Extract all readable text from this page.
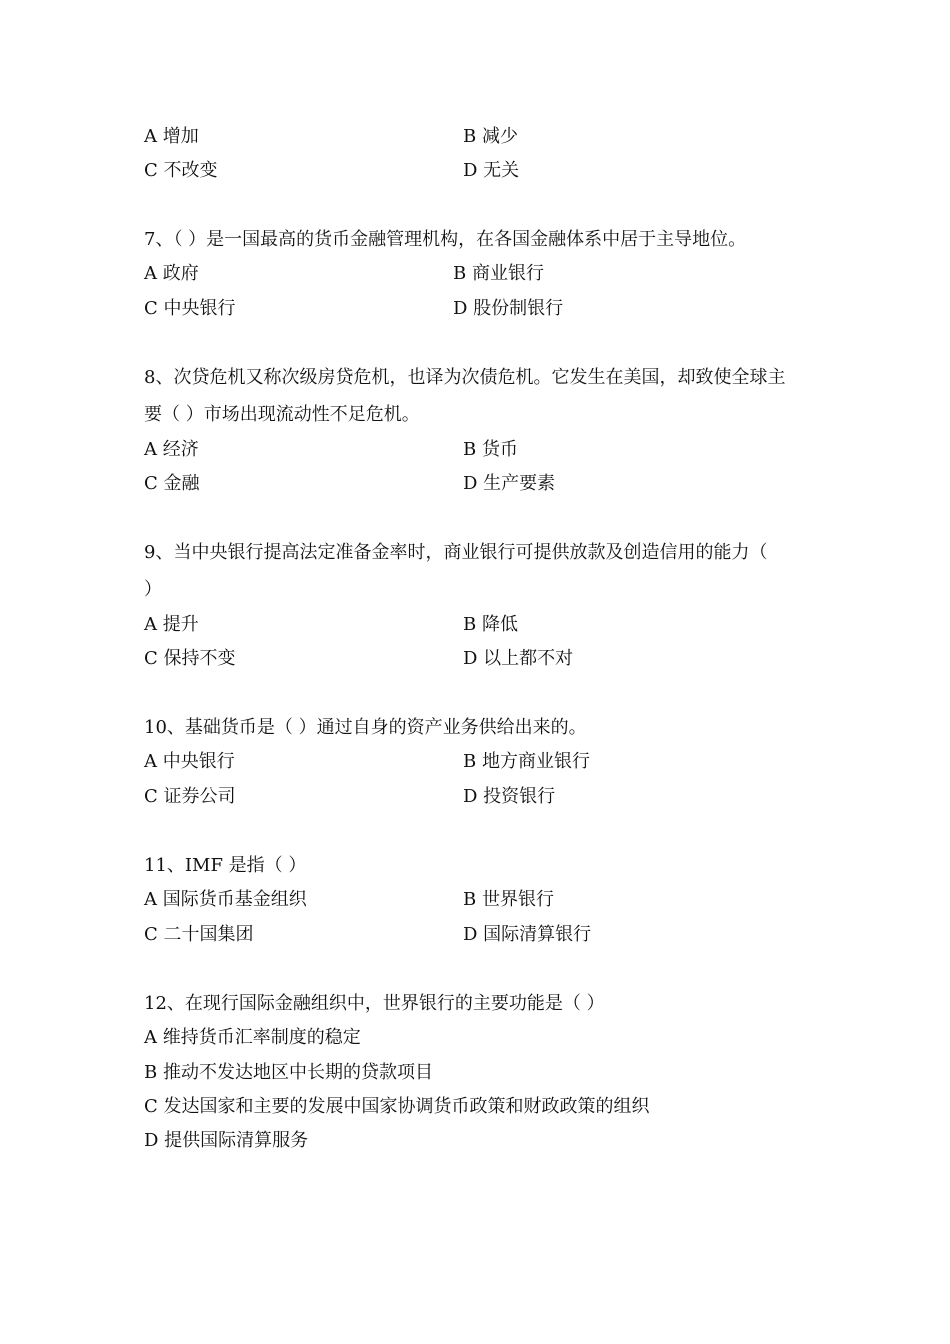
A 增加	B 减少
C 不改变	D 无关
7、（ ）是一国最高的货币金融管理机构，在各国金融体系中居于主导地位。
A 政府	B 商业银行
C 中央银行	D 股份制银行
8、次贷危机又称次级房贷危机，也译为次债危机。它发生在美国，却致使全球主
要（ ）市场出现流动性不足危机。
A 经济	B 货币
C 金融	D 生产要素
9、当中央银行提高法定准备金率时，商业银行可提供放款及创造信用的能力（
）
A 提升	B 降低
C 保持不变	D 以上都不对
10、基础货币是（ ）通过自身的资产业务供给出来的。
A 中央银行	B 地方商业银行
C 证券公司	D 投资银行
11、IMF 是指（ ）
A 国际货币基金组织	B 世界银行
C 二十国集团	D 国际清算银行
12、在现行国际金融组织中，世界银行的主要功能是（ ）
A 维持货币汇率制度的稳定
B 推动不发达地区中长期的贷款项目
C 发达国家和主要的发展中国家协调货币政策和财政政策的组织
D 提供国际清算服务
